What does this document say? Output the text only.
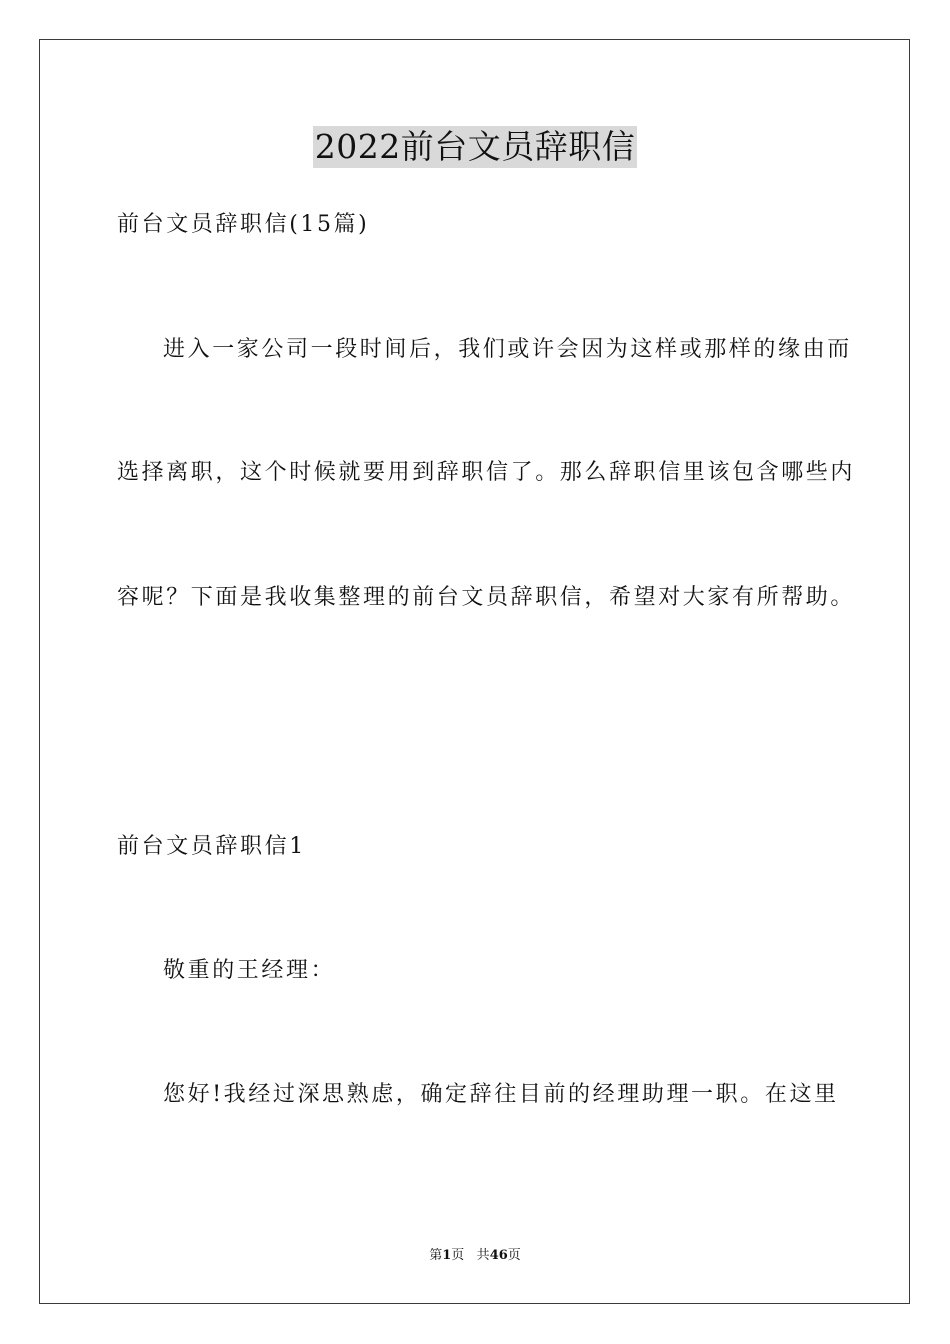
2022前台文员辞职信
前台文员辞职信(15篇)
进入一家公司一段时间后，我们或许会因为这样或那样的缘由而
选择离职，这个时候就要用到辞职信了。那么辞职信里该包含哪些内
容呢？下面是我收集整理的前台文员辞职信，希望对大家有所帮助。
前台文员辞职信1
敬重的王经理：
您好!我经过深思熟虑，确定辞往目前的经理助理一职。在这里
第1页 共46页
